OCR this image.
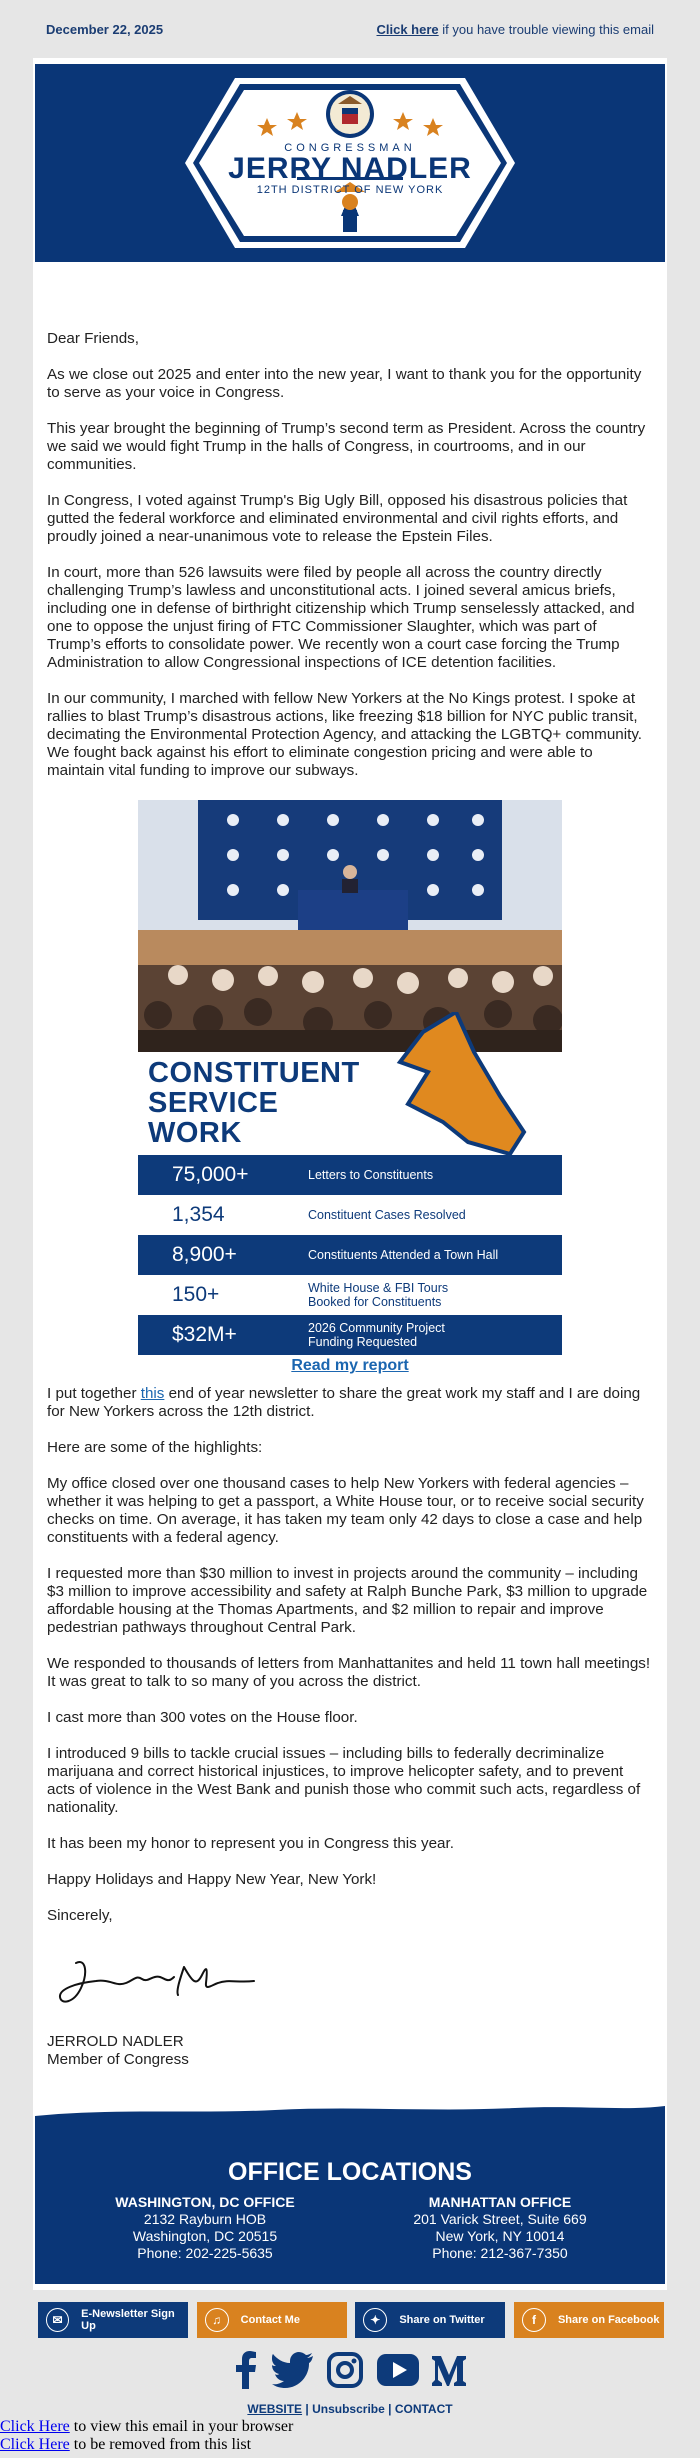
December 22, 2025	Click here if you have trouble viewing this email
CONGRESSMAN
JERRY NADLER
12TH DISTRICT OF NEW YORK

Dear Friends,

As we close out 2025 and enter into the new year, I want to thank you for the opportunity to serve as your voice in Congress.

This year brought the beginning of Trump’s second term as President. Across the country we said we would fight Trump in the halls of Congress, in courtrooms, and in our communities.

In Congress, I voted against Trump's Big Ugly Bill, opposed his disastrous policies that gutted the federal workforce and eliminated environmental and civil rights efforts, and proudly joined a near-unanimous vote to release the Epstein Files.

In court, more than 526 lawsuits were filed by people all across the country directly challenging Trump’s lawless and unconstitutional acts. I joined several amicus briefs, including one in defense of birthright citizenship which Trump senselessly attacked, and one to oppose the unjust firing of FTC Commissioner Slaughter, which was part of Trump’s efforts to consolidate power. We recently won a court case forcing the Trump Administration to allow Congressional inspections of ICE detention facilities.

In our community, I marched with fellow New Yorkers at the No Kings protest. I spoke at rallies to blast Trump’s disastrous actions, like freezing $18 billion for NYC public transit, decimating the Environmental Protection Agency, and attacking the LGBTQ+ community. We fought back against his effort to eliminate congestion pricing and were able to maintain vital funding to improve our subways.

CONSTITUENT
SERVICE
WORK
75,000+	Letters to Constituents
1,354	Constituent Cases Resolved
8,900+	Constituents Attended a Town Hall
150+	White House & FBI Tours Booked for Constituents
$32M+	2026 Community Project Funding Requested
Read my report

I put together this end of year newsletter to share the great work my staff and I are doing for New Yorkers across the 12th district.

Here are some of the highlights:

My office closed over one thousand cases to help New Yorkers with federal agencies – whether it was helping to get a passport, a White House tour, or to receive social security checks on time. On average, it has taken my team only 42 days to close a case and help constituents with a federal agency.

I requested more than $30 million to invest in projects around the community – including $3 million to improve accessibility and safety at Ralph Bunche Park, $3 million to upgrade affordable housing at the Thomas Apartments, and $2 million to repair and improve pedestrian pathways throughout Central Park.

We responded to thousands of letters from Manhattanites and held 11 town hall meetings! It was great to talk to so many of you across the district.

I cast more than 300 votes on the House floor.

I introduced 9 bills to tackle crucial issues – including bills to federally decriminalize marijuana and correct historical injustices, to improve helicopter safety, and to prevent acts of violence in the West Bank and punish those who commit such acts, regardless of nationality.

It has been my honor to represent you in Congress this year.

Happy Holidays and Happy New Year, New York!

Sincerely,

JERROLD NADLER
Member of Congress
OFFICE LOCATIONS
WASHINGTON, DC OFFICE
2132 Rayburn HOB
Washington, DC 20515
Phone: 202-225-5635
MANHATTAN OFFICE
201 Varick Street, Suite 669
New York, NY 10014
Phone: 212-367-7350
✉	E-Newsletter Sign Up	♫	Contact Me	✦	Share on Twitter	f	Share on Facebook
WEBSITE | Unsubscribe | CONTACT
Click Here to view this email in your browser
Click Here to be removed from this list
